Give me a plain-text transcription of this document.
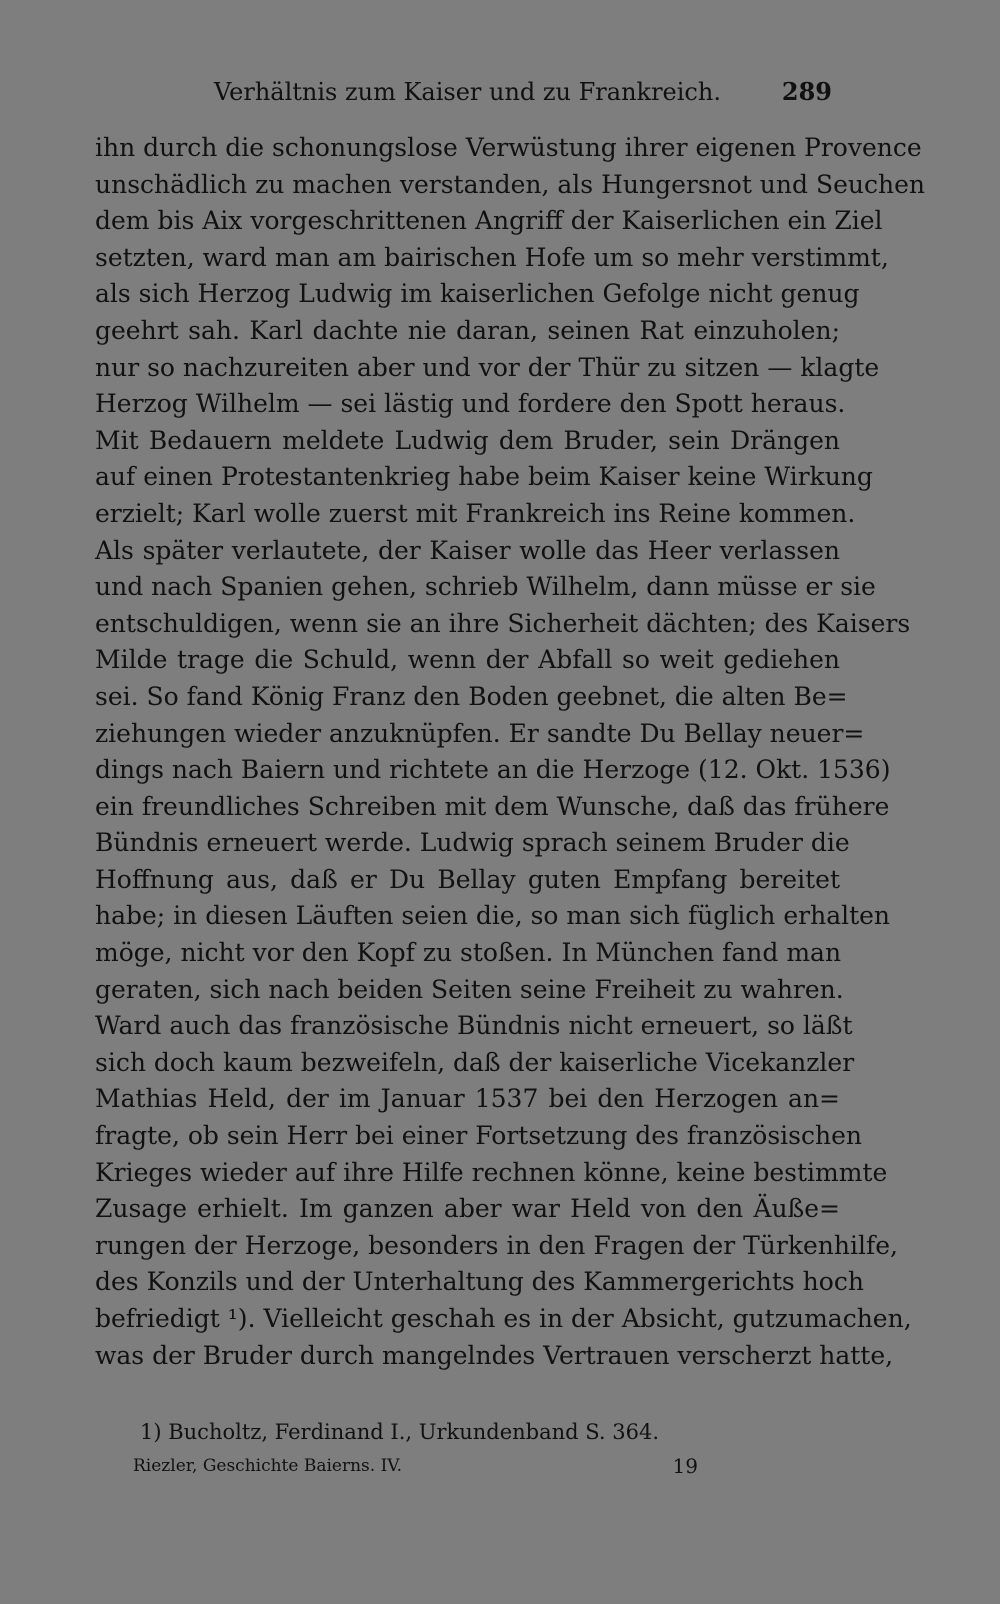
Verhältnis zum Kaiser und zu Frankreich.	289
ihn durch die schonungslose Verwüstung ihrer eigenen Provence
unschädlich zu machen verstanden, als Hungersnot und Seuchen
dem bis Aix vorgeschrittenen Angriff der Kaiserlichen ein Ziel
setzten, ward man am bairischen Hofe um so mehr verstimmt,
als sich Herzog Ludwig im kaiserlichen Gefolge nicht genug
geehrt sah. Karl dachte nie daran, seinen Rat einzuholen;
nur so nachzureiten aber und vor der Thür zu sitzen — klagte
Herzog Wilhelm — sei lästig und fordere den Spott heraus.
Mit Bedauern meldete Ludwig dem Bruder, sein Drängen
auf einen Protestantenkrieg habe beim Kaiser keine Wirkung
erzielt; Karl wolle zuerst mit Frankreich ins Reine kommen.
Als später verlautete, der Kaiser wolle das Heer verlassen
und nach Spanien gehen, schrieb Wilhelm, dann müsse er sie
entschuldigen, wenn sie an ihre Sicherheit dächten; des Kaisers
Milde trage die Schuld, wenn der Abfall so weit gediehen
sei. So fand König Franz den Boden geebnet, die alten Be=
ziehungen wieder anzuknüpfen. Er sandte Du Bellay neuer=
dings nach Baiern und richtete an die Herzoge (12. Okt. 1536)
ein freundliches Schreiben mit dem Wunsche, daß das frühere
Bündnis erneuert werde. Ludwig sprach seinem Bruder die
Hoffnung aus, daß er Du Bellay guten Empfang bereitet
habe; in diesen Läuften seien die, so man sich füglich erhalten
möge, nicht vor den Kopf zu stoßen. In München fand man
geraten, sich nach beiden Seiten seine Freiheit zu wahren.
Ward auch das französische Bündnis nicht erneuert, so läßt
sich doch kaum bezweifeln, daß der kaiserliche Vicekanzler
Mathias Held, der im Januar 1537 bei den Herzogen an=
fragte, ob sein Herr bei einer Fortsetzung des französischen
Krieges wieder auf ihre Hilfe rechnen könne, keine bestimmte
Zusage erhielt. Im ganzen aber war Held von den Äuße=
rungen der Herzoge, besonders in den Fragen der Türkenhilfe,
des Konzils und der Unterhaltung des Kammergerichts hoch
befriedigt ¹). Vielleicht geschah es in der Absicht, gutzumachen,
was der Bruder durch mangelndes Vertrauen verscherzt hatte,
1) Bucholtz, Ferdinand I., Urkundenband S. 364.
Riezler, Geschichte Baierns. IV.	19
